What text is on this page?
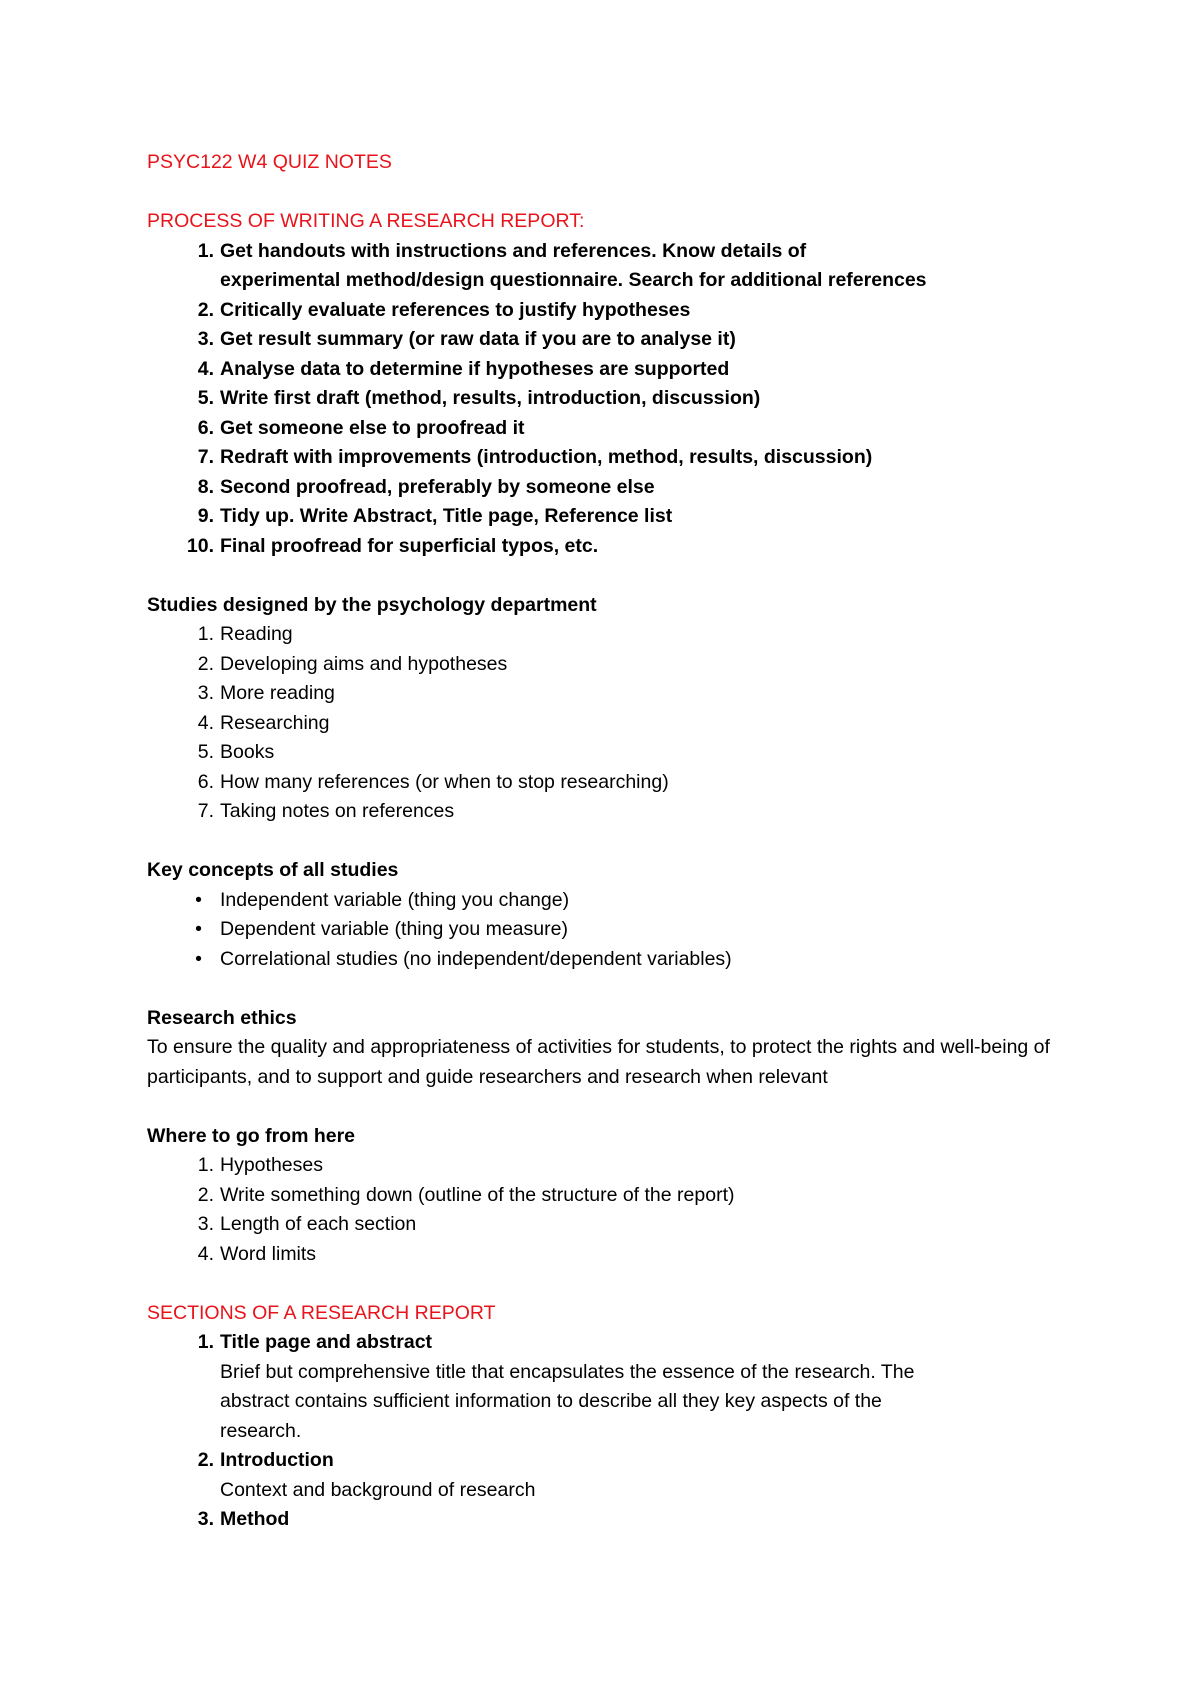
PSYC122 W4 QUIZ NOTES
PROCESS OF WRITING A RESEARCH REPORT:
1. Get handouts with instructions and references. Know details of experimental method/design questionnaire. Search for additional references
2. Critically evaluate references to justify hypotheses
3. Get result summary (or raw data if you are to analyse it)
4. Analyse data to determine if hypotheses are supported
5. Write first draft (method, results, introduction, discussion)
6. Get someone else to proofread it
7. Redraft with improvements (introduction, method, results, discussion)
8. Second proofread, preferably by someone else
9. Tidy up. Write Abstract, Title page, Reference list
10. Final proofread for superficial typos, etc.
Studies designed by the psychology department
1. Reading
2. Developing aims and hypotheses
3. More reading
4. Researching
5. Books
6. How many references (or when to stop researching)
7. Taking notes on references
Key concepts of all studies
• Independent variable (thing you change)
• Dependent variable (thing you measure)
• Correlational studies (no independent/dependent variables)
Research ethics
To ensure the quality and appropriateness of activities for students, to protect the rights and well-being of participants, and to support and guide researchers and research when relevant
Where to go from here
1. Hypotheses
2. Write something down (outline of the structure of the report)
3. Length of each section
4. Word limits
SECTIONS OF A RESEARCH REPORT
1. Title page and abstract
Brief but comprehensive title that encapsulates the essence of the research. The abstract contains sufficient information to describe all they key aspects of the research.
2. Introduction
Context and background of research
3. Method
